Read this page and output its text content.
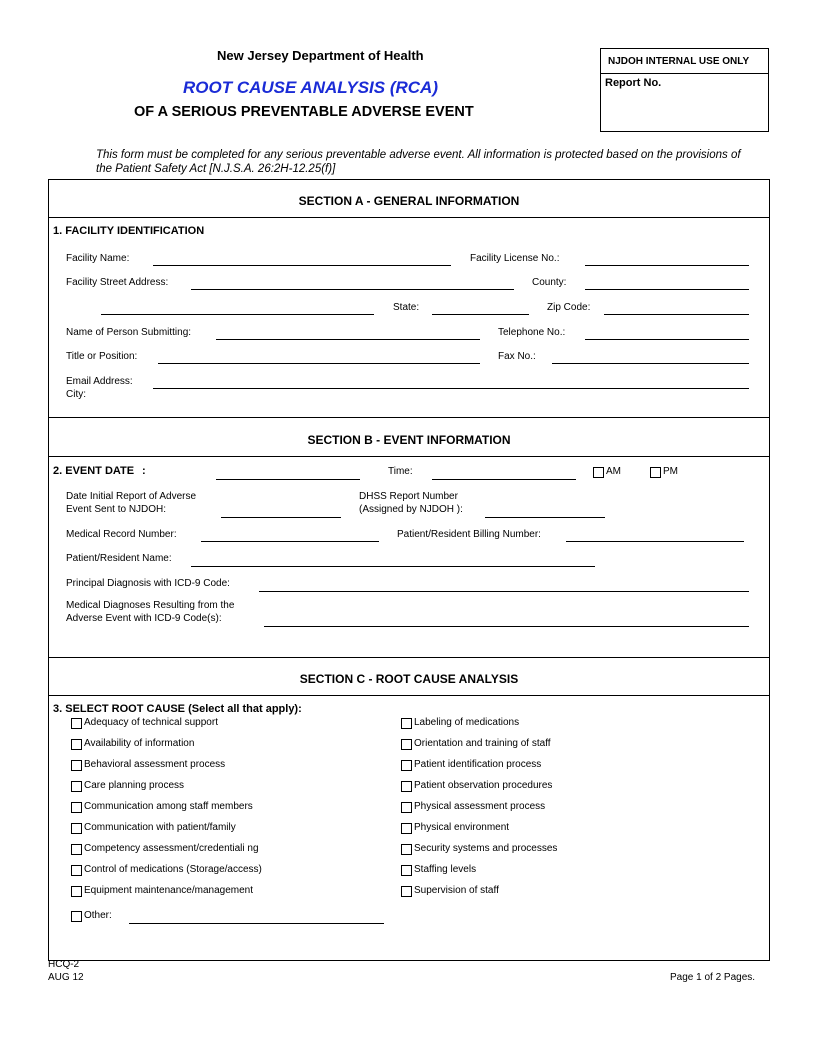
New Jersey Department of Health
ROOT CAUSE ANALYSIS (RCA)
OF A SERIOUS PREVENTABLE ADVERSE EVENT
NJDOH INTERNAL USE ONLY
Report No.
This form must be completed for any serious preventable adverse event. All information is protected based on the provisions of the Patient Safety Act [N.J.S.A. 26:2H-12.25(f)]
SECTION A - GENERAL INFORMATION
1. FACILITY IDENTIFICATION
Facility Name:	Facility License No.:
Facility Street Address:	County:
State:	Zip Code:
Name of Person Submitting:	Telephone No.:
Title or Position:	Fax No.:
Email Address:
City:
SECTION B - EVENT INFORMATION
2. EVENT DATE :	Time:	AM	PM
Date Initial Report of Adverse
Event Sent to NJDOH:
DHSS Report Number
(Assigned by NJDOH ):
Medical Record Number:	Patient/Resident Billing Number:
Patient/Resident Name:
Principal Diagnosis with ICD-9 Code:
Medical Diagnoses Resulting from the
Adverse Event with ICD-9 Code(s):
SECTION C - ROOT CAUSE ANALYSIS
3. SELECT ROOT CAUSE (Select all that apply):
Adequacy of technical support
Availability of information
Behavioral assessment process
Care planning process
Communication among staff members
Communication with patient/family
Competency assessment/credentiali ng
Control of medications (Storage/access)
Equipment maintenance/management
Labeling of medications
Orientation and training of staff
Patient identification process
Patient observation procedures
Physical assessment process
Physical environment
Security systems and processes
Staffing levels
Supervision of staff
Other:
HCQ-2
AUG 12	Page 1 of 2 Pages.
